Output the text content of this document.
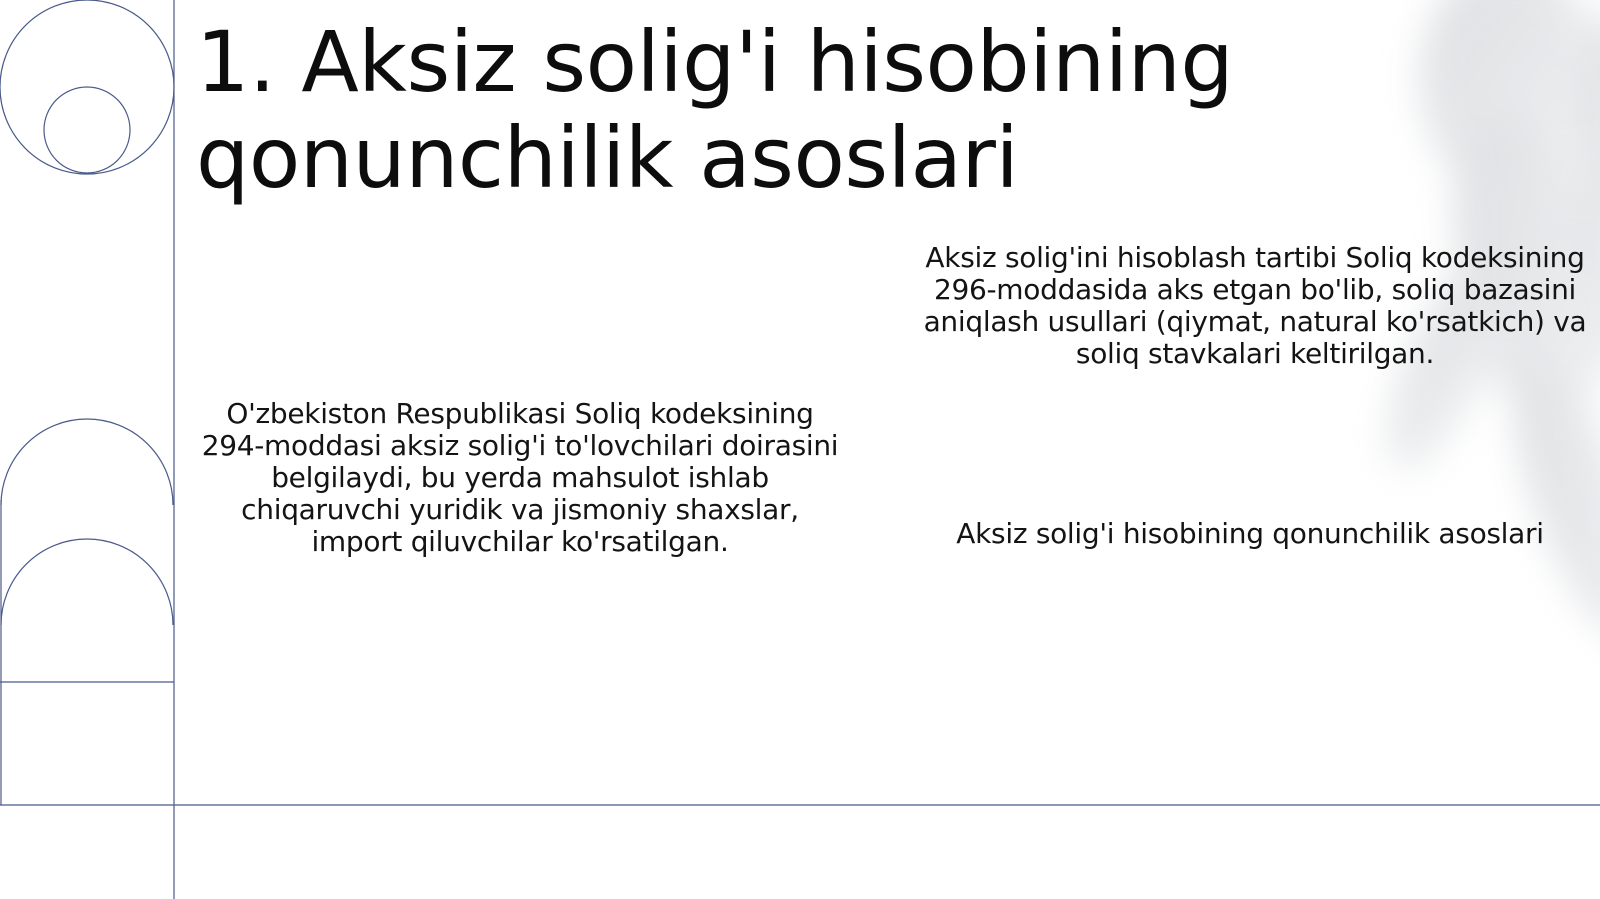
1. Aksiz solig'i hisobining qonunchilik asoslari

O'zbekiston Respublikasi Soliq kodeksining 294-moddasi aksiz solig'i to'lovchilari doirasini belgilaydi, bu yerda mahsulot ishlab chiqaruvchi yuridik va jismoniy shaxslar, import qiluvchilar ko'rsatilgan.

Aksiz solig'ini hisoblash tartibi Soliq kodeksining 296-moddasida aks etgan bo'lib, soliq bazasini aniqlash usullari (qiymat, natural ko'rsatkich) va soliq stavkalari keltirilgan.

Aksiz solig'i hisobining qonunchilik asoslari
